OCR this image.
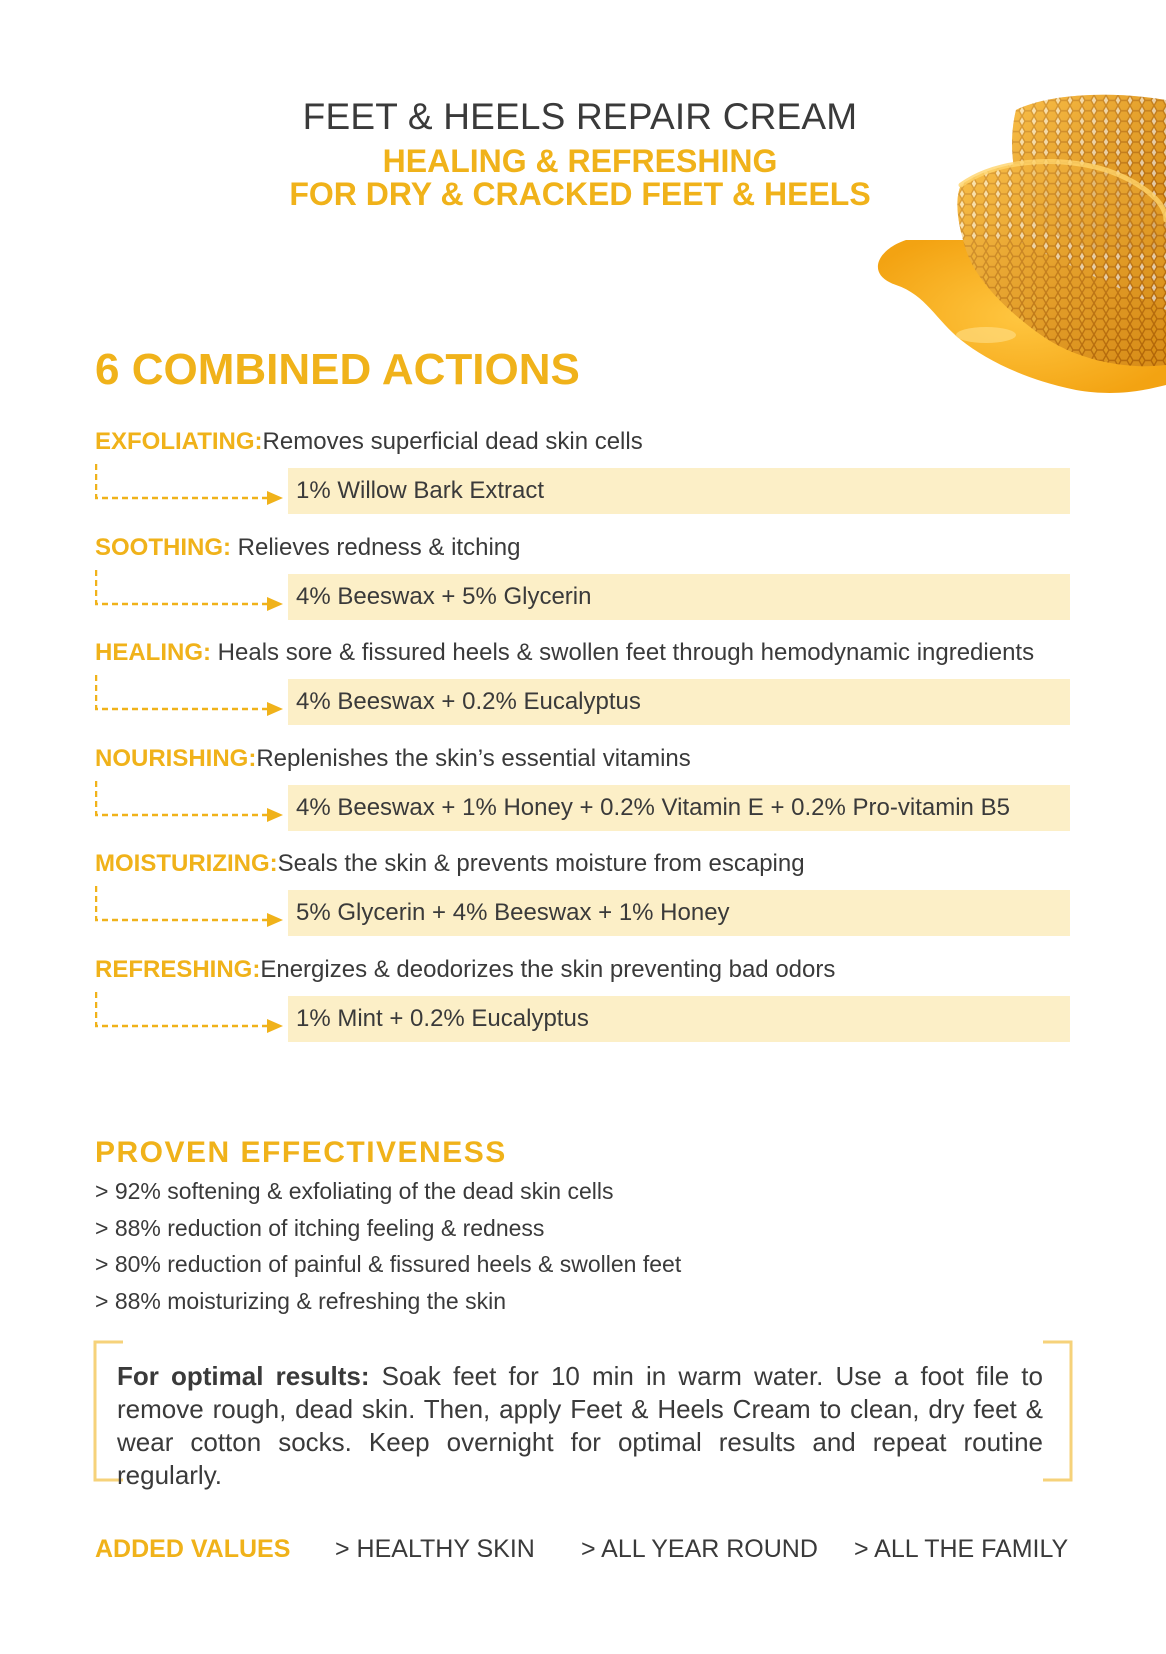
FEET & HEELS REPAIR CREAM
HEALING & REFRESHING
FOR DRY & CRACKED FEET & HEELS
6 COMBINED ACTIONS
EXFOLIATING:Removes superficial dead skin cells
1% Willow Bark Extract
SOOTHING: Relieves redness & itching
4% Beeswax + 5% Glycerin
HEALING: Heals sore & fissured heels & swollen feet through hemodynamic ingredients
4% Beeswax + 0.2% Eucalyptus
NOURISHING:Replenishes the skin’s essential vitamins
4% Beeswax + 1% Honey + 0.2% Vitamin E + 0.2% Pro-vitamin B5
MOISTURIZING:Seals the skin & prevents moisture from escaping
5% Glycerin + 4% Beeswax + 1% Honey
REFRESHING:Energizes & deodorizes the skin preventing bad odors
1% Mint + 0.2% Eucalyptus
PROVEN EFFECTIVENESS
> 92% softening & exfoliating of the dead skin cells
> 88% reduction of itching feeling & redness
> 80% reduction of painful & fissured heels & swollen feet
> 88% moisturizing & refreshing the skin
For optimal results: Soak feet for 10 min in warm water. Use a foot file to remove rough, dead skin. Then, apply Feet & Heels Cream to clean, dry feet & wear cotton socks. Keep overnight for optimal results and repeat routine regularly.
ADDED VALUES > HEALTHY SKIN > ALL YEAR ROUND > ALL THE FAMILY
